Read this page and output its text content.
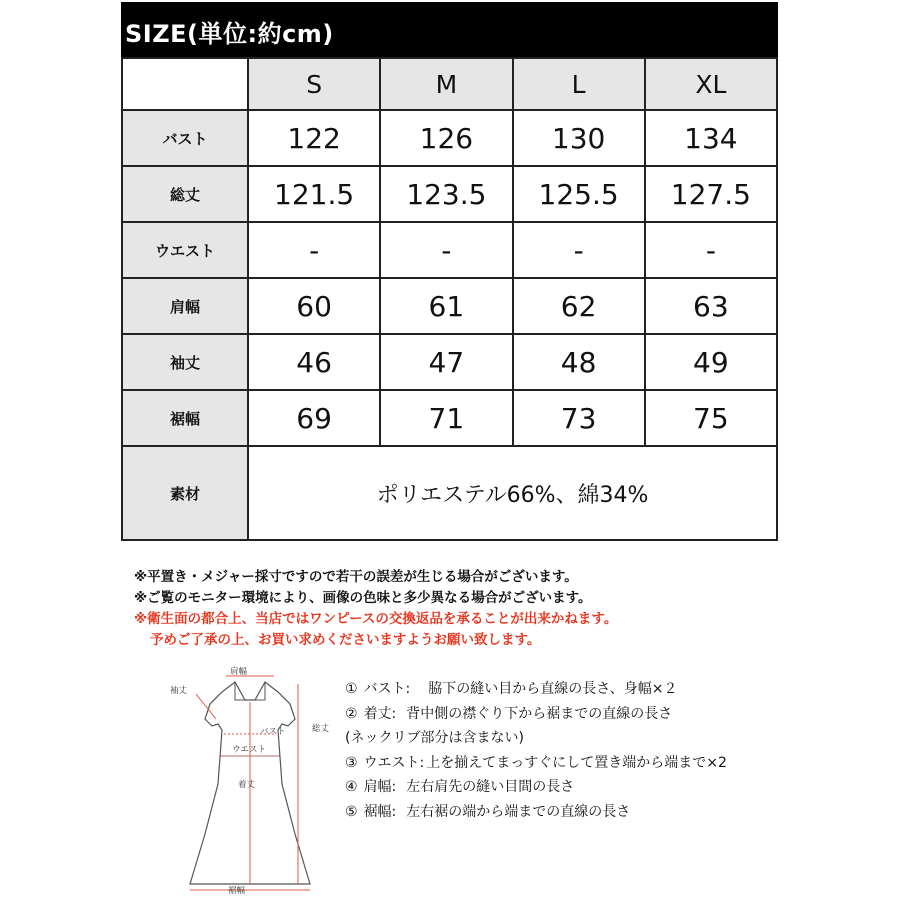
SIZE(単位:約cm)
	S	M	L	XL
バスト	122	126	130	134
総丈	121.5	123.5	125.5	127.5
ウエスト	-	-	-	-
肩幅	60	61	62	63
袖丈	46	47	48	49
裾幅	69	71	73	75
素材	ポリエステル66%、綿34%			
※平置き・メジャー採寸ですので若干の誤差が生じる場合がございます。
※ご覧のモニター環境により、画像の色味と多少異なる場合がございます。
※衛生面の都合上、当店ではワンピースの交換返品を承ることが出来かねます。
予めご了承の上、お買い求めくださいますようお願い致します。
肩幅
袖丈
総丈
バスト
ウエスト
着丈
裾幅
① バスト: 脇下の縫い目から直線の長さ、身幅×２
② 着丈: 背中側の襟ぐり下から裾までの直線の長さ
(ネックリブ部分は含まない)
③ ウエスト: 上を揃えてまっすぐにして置き端から端まで×2
④ 肩幅: 左右肩先の縫い目間の長さ
⑤ 裾幅: 左右裾の端から端までの直線の長さ
